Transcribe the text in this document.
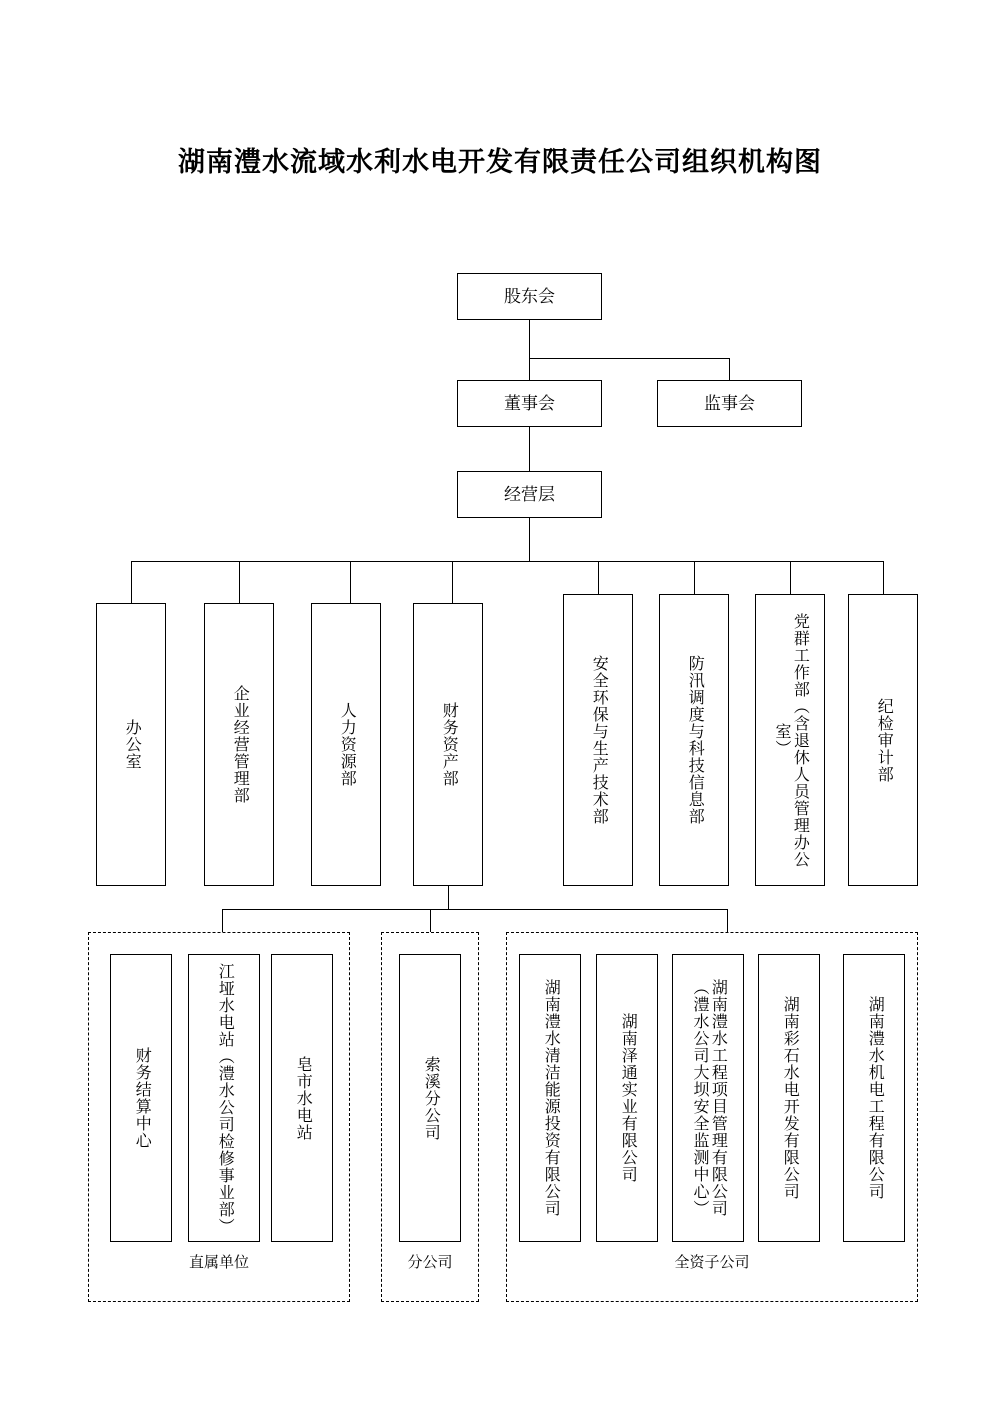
湖南澧水流域水利水电开发有限责任公司组织机构图
股东会
董事会	监事会
经营层
办公室	企业经营管理部	人力资源部	财务资产部	安全环保与生产技术部	防汛调度与科技信息部	党群工作部（含退休人员管理办公室）	纪检审计部
财务结算中心	江垭水电站（澧水公司检修事业部）	皂市水电站
直属单位
索溪分公司
分公司
湖南澧水清洁能源投资有限公司	湖南泽通实业有限公司	湖南澧水工程项目管理有限公司（澧水公司大坝安全监测中心）	湖南彩石水电开发有限公司	湖南澧水机电工程有限公司
全资子公司
